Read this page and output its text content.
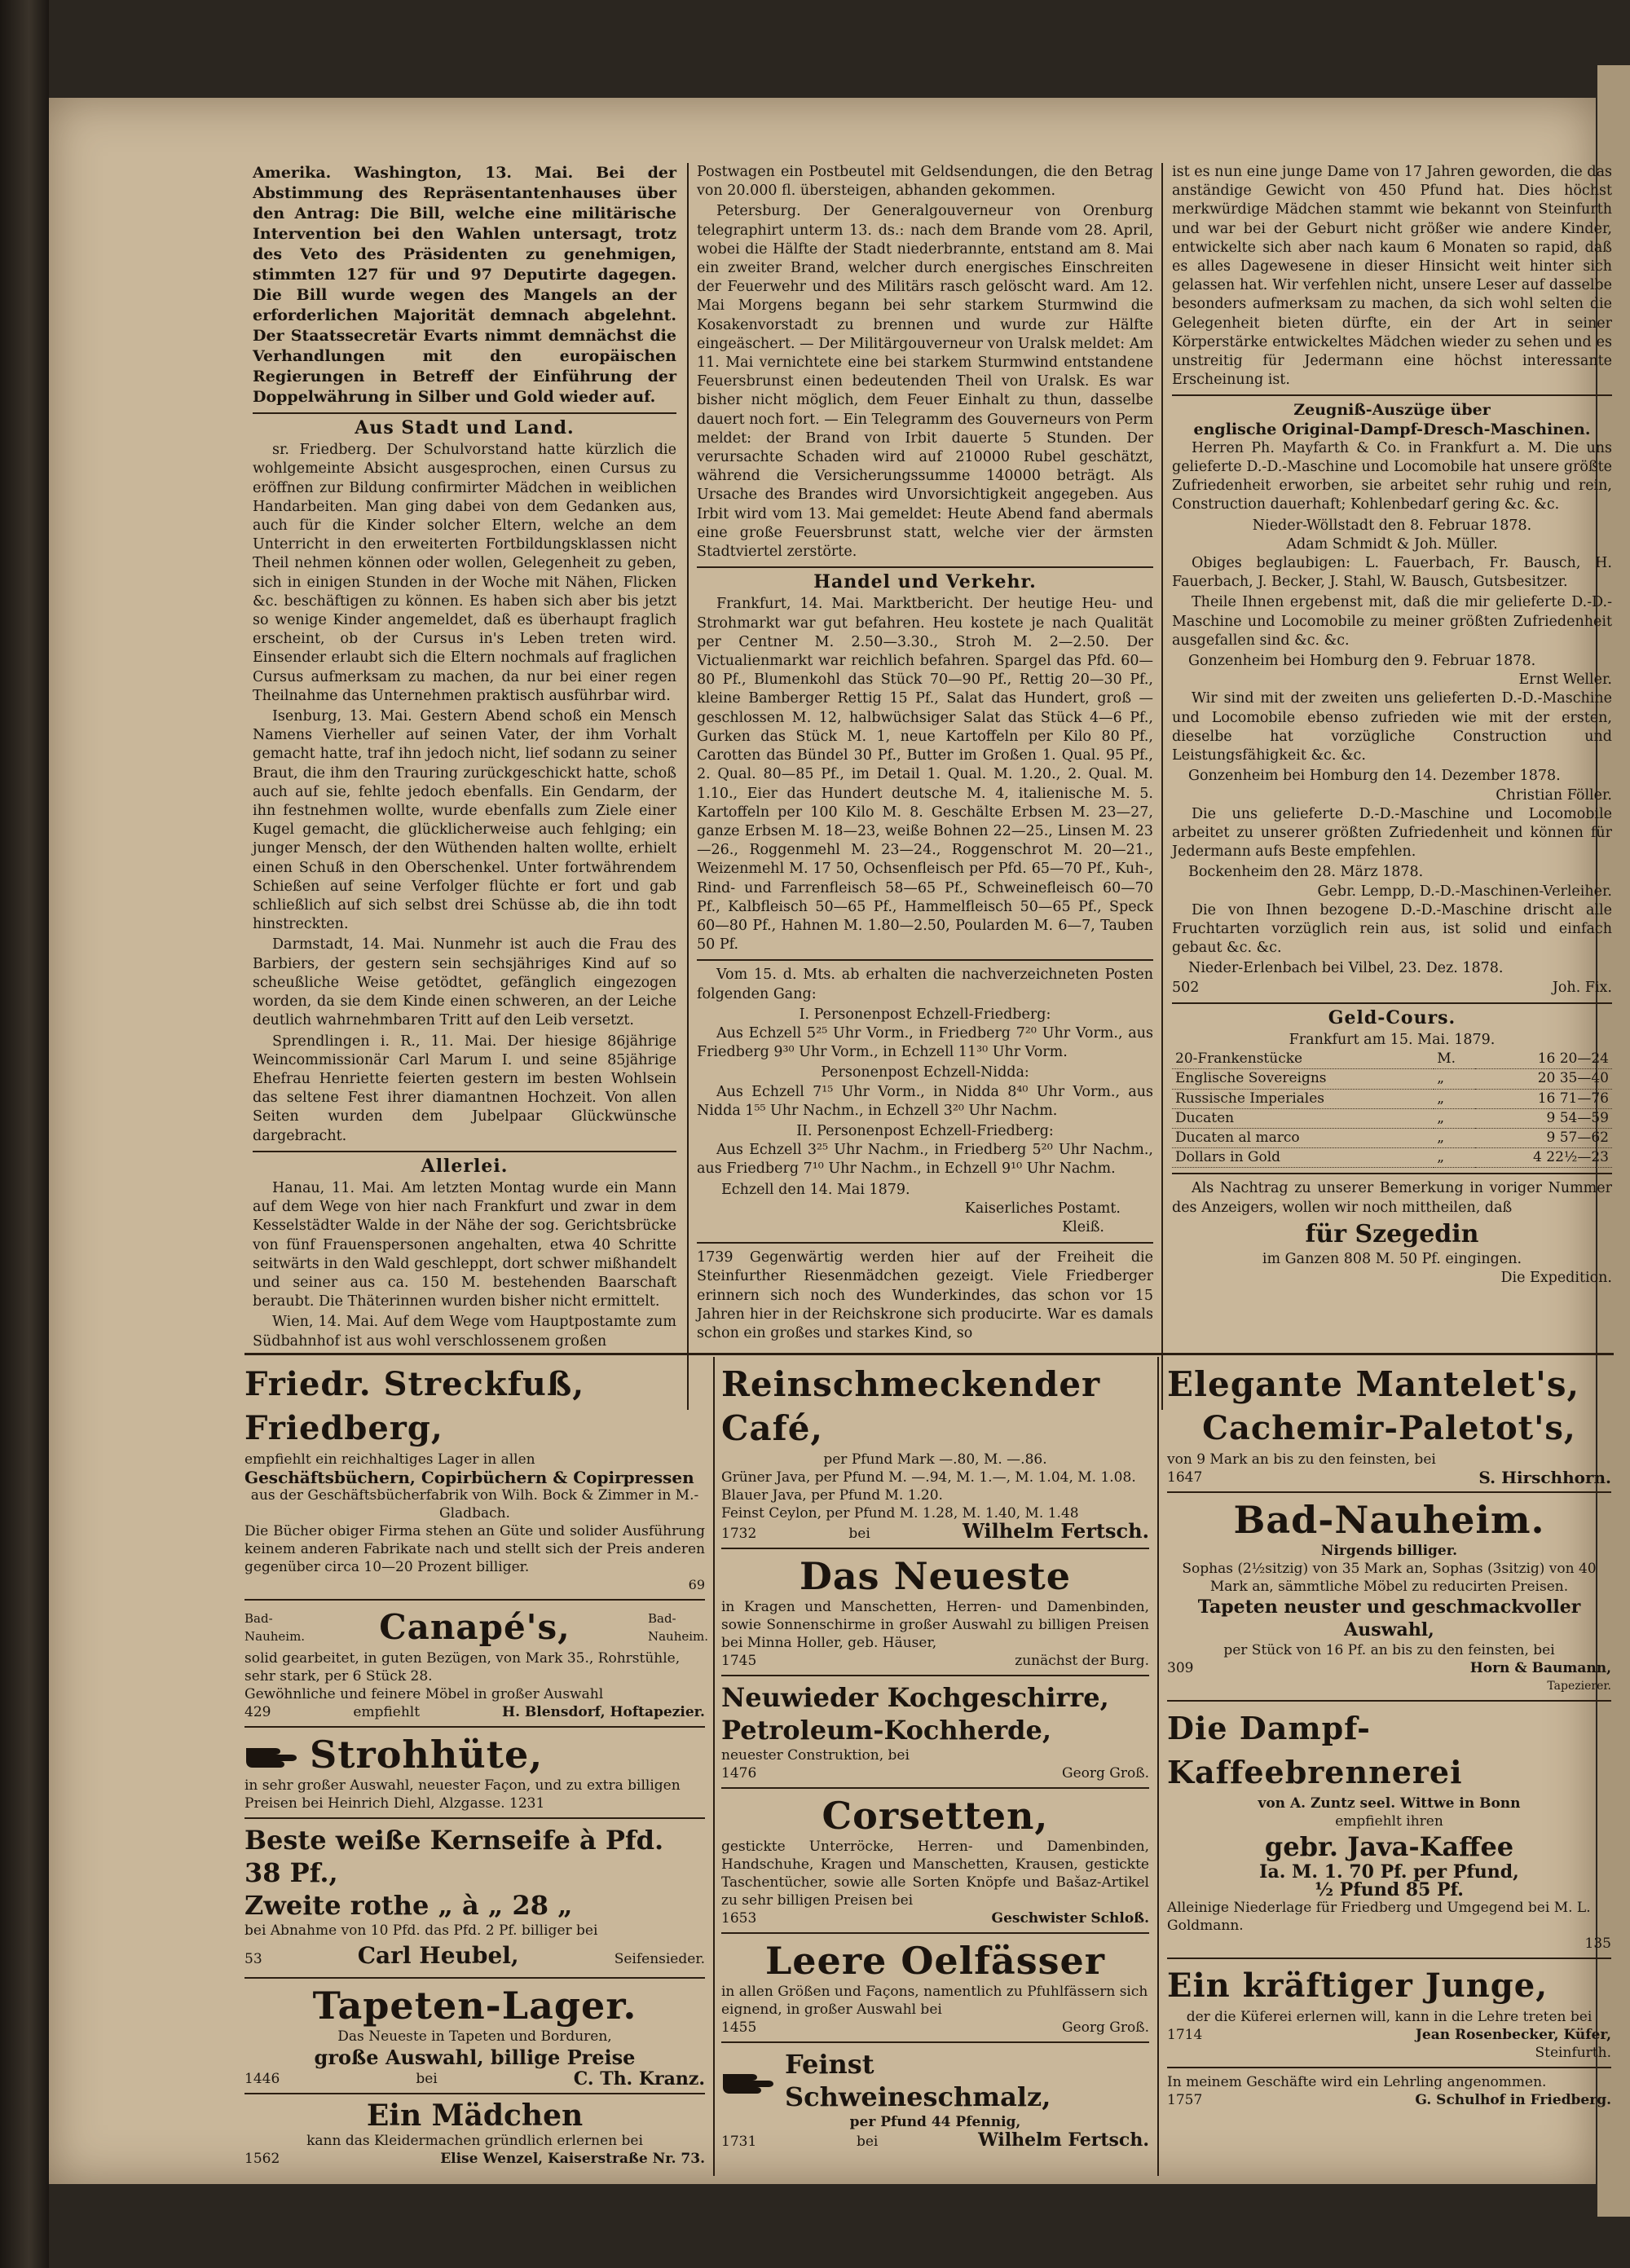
Amerika. Washington, 13. Mai. Bei der Abstimmung des Repräsentantenhauses über den Antrag: Die Bill, welche eine militärische Intervention bei den Wahlen untersagt, trotz des Veto des Präsidenten zu genehmigen, stimmten 127 für und 97 Deputirte dagegen. Die Bill wurde wegen des Mangels an der erforderlichen Majorität demnach abgelehnt. Der Staatssecretär Evarts nimmt demnächst die Verhandlungen mit den europäischen Regierungen in Betreff der Einführung der Doppelwährung in Silber und Gold wieder auf.

Aus Stadt und Land.

sr. Friedberg. Der Schulvorstand hatte kürzlich die wohlgemeinte Absicht ausgesprochen, einen Cursus zu eröffnen zur Bildung confirmirter Mädchen in weiblichen Handarbeiten. Man ging dabei von dem Gedanken aus, auch für die Kinder solcher Eltern, welche an dem Unterricht in den erweiterten Fortbildungsklassen nicht Theil nehmen können oder wollen, Gelegenheit zu geben, sich in einigen Stunden in der Woche mit Nähen, Flicken &c. beschäftigen zu können. Es haben sich aber bis jetzt so wenige Kinder angemeldet, daß es überhaupt fraglich erscheint, ob der Cursus in's Leben treten wird. Einsender erlaubt sich die Eltern nochmals auf fraglichen Cursus aufmerksam zu machen, da nur bei einer regen Theilnahme das Unternehmen praktisch ausführbar wird.

Isenburg, 13. Mai. Gestern Abend schoß ein Mensch Namens Vierheller auf seinen Vater, der ihm Vorhalt gemacht hatte, traf ihn jedoch nicht, lief sodann zu seiner Braut, die ihm den Trauring zurückgeschickt hatte, schoß auch auf sie, fehlte jedoch ebenfalls. Ein Gendarm, der ihn festnehmen wollte, wurde ebenfalls zum Ziele einer Kugel gemacht, die glücklicherweise auch fehlging; ein junger Mensch, der den Wüthenden halten wollte, erhielt einen Schuß in den Oberschenkel. Unter fortwährendem Schießen auf seine Verfolger flüchte er fort und gab schließlich auf sich selbst drei Schüsse ab, die ihn todt hinstreckten.

Darmstadt, 14. Mai. Nunmehr ist auch die Frau des Barbiers, der gestern sein sechsjähriges Kind auf so scheußliche Weise getödtet, gefänglich eingezogen worden, da sie dem Kinde einen schweren, an der Leiche deutlich wahrnehmbaren Tritt auf den Leib versetzt.

Sprendlingen i. R., 11. Mai. Der hiesige 86jährige Weincommissionär Carl Marum I. und seine 85jährige Ehefrau Henriette feierten gestern im besten Wohlsein das seltene Fest ihrer diamantnen Hochzeit. Von allen Seiten wurden dem Jubelpaar Glückwünsche dargebracht.

Allerlei.

Hanau, 11. Mai. Am letzten Montag wurde ein Mann auf dem Wege von hier nach Frankfurt und zwar in dem Kesselstädter Walde in der Nähe der sog. Gerichtsbrücke von fünf Frauenspersonen angehalten, etwa 40 Schritte seitwärts in den Wald geschleppt, dort schwer mißhandelt und seiner aus ca. 150 M. bestehenden Baarschaft beraubt. Die Thäterinnen wurden bisher nicht ermittelt.

Wien, 14. Mai. Auf dem Wege vom Hauptpostamte zum Südbahnhof ist aus wohl verschlossenem großen

Postwagen ein Postbeutel mit Geldsendungen, die den Betrag von 20.000 fl. übersteigen, abhanden gekommen.

Petersburg. Der Generalgouverneur von Orenburg telegraphirt unterm 13. ds.: nach dem Brande vom 28. April, wobei die Hälfte der Stadt niederbrannte, entstand am 8. Mai ein zweiter Brand, welcher durch energisches Einschreiten der Feuerwehr und des Militärs rasch gelöscht ward. Am 12. Mai Morgens begann bei sehr starkem Sturmwind die Kosakenvorstadt zu brennen und wurde zur Hälfte eingeäschert. — Der Militärgouverneur von Uralsk meldet: Am 11. Mai vernichtete eine bei starkem Sturmwind entstandene Feuersbrunst einen bedeutenden Theil von Uralsk. Es war bisher nicht möglich, dem Feuer Einhalt zu thun, dasselbe dauert noch fort. — Ein Telegramm des Gouverneurs von Perm meldet: der Brand von Irbit dauerte 5 Stunden. Der verursachte Schaden wird auf 210000 Rubel geschätzt, während die Versicherungssumme 140000 beträgt. Als Ursache des Brandes wird Unvorsichtigkeit angegeben. Aus Irbit wird vom 13. Mai gemeldet: Heute Abend fand abermals eine große Feuersbrunst statt, welche vier der ärmsten Stadtviertel zerstörte.

Handel und Verkehr.

Frankfurt, 14. Mai. Marktbericht. Der heutige Heu- und Strohmarkt war gut befahren. Heu kostete je nach Qualität per Centner M. 2.50—3.30., Stroh M. 2—2.50. Der Victualienmarkt war reichlich befahren. Spargel das Pfd. 60—80 Pf., Blumenkohl das Stück 70—90 Pf., Rettig 20—30 Pf., kleine Bamberger Rettig 15 Pf., Salat das Hundert, groß — geschlossen M. 12, halbwüchsiger Salat das Stück 4—6 Pf., Gurken das Stück M. 1, neue Kartoffeln per Kilo 80 Pf., Carotten das Bündel 30 Pf., Butter im Großen 1. Qual. 95 Pf., 2. Qual. 80—85 Pf., im Detail 1. Qual. M. 1.20., 2. Qual. M. 1.10., Eier das Hundert deutsche M. 4, italienische M. 5. Kartoffeln per 100 Kilo M. 8. Geschälte Erbsen M. 23—27, ganze Erbsen M. 18—23, weiße Bohnen 22—25., Linsen M. 23—26., Roggenmehl M. 23—24., Roggenschrot M. 20—21., Weizenmehl M. 17 50, Ochsenfleisch per Pfd. 65—70 Pf., Kuh-, Rind- und Farrenfleisch 58—65 Pf., Schweinefleisch 60—70 Pf., Kalbfleisch 50—65 Pf., Hammelfleisch 50—65 Pf., Speck 60—80 Pf., Hahnen M. 1.80—2.50, Poularden M. 6—7, Tauben 50 Pf.

Vom 15. d. Mts. ab erhalten die nachverzeichneten Posten folgenden Gang:

I. Personenpost Echzell-Friedberg:

Aus Echzell 5²⁵ Uhr Vorm., in Friedberg 7²⁰ Uhr Vorm., aus Friedberg 9³⁰ Uhr Vorm., in Echzell 11³⁰ Uhr Vorm.

Personenpost Echzell-Nidda:

Aus Echzell 7¹⁵ Uhr Vorm., in Nidda 8⁴⁰ Uhr Vorm., aus Nidda 1⁵⁵ Uhr Nachm., in Echzell 3²⁰ Uhr Nachm.

II. Personenpost Echzell-Friedberg:

Aus Echzell 3²⁵ Uhr Nachm., in Friedberg 5²⁰ Uhr Nachm., aus Friedberg 7¹⁰ Uhr Nachm., in Echzell 9¹⁰ Uhr Nachm.

Echzell den 14. Mai 1879.
Kaiserliches Postamt.
Kleiß.

1739 Gegenwärtig werden hier auf der Freiheit die Steinfurther Riesenmädchen gezeigt. Viele Friedberger erinnern sich noch des Wunderkindes, das schon vor 15 Jahren hier in der Reichskrone sich producirte. War es damals schon ein großes und starkes Kind, so

ist es nun eine junge Dame von 17 Jahren geworden, die das anständige Gewicht von 450 Pfund hat. Dies höchst merkwürdige Mädchen stammt wie bekannt von Steinfurth und war bei der Geburt nicht größer wie andere Kinder, entwickelte sich aber nach kaum 6 Monaten so rapid, daß es alles Dagewesene in dieser Hinsicht weit hinter sich gelassen hat. Wir verfehlen nicht, unsere Leser auf dasselbe besonders aufmerksam zu machen, da sich wohl selten die Gelegenheit bieten dürfte, ein der Art in seiner Körperstärke entwickeltes Mädchen wieder zu sehen und es unstreitig für Jedermann eine höchst interessante Erscheinung ist.

Zeugniß-Auszüge über
englische Original-Dampf-Dresch-Maschinen.

Herren Ph. Mayfarth & Co. in Frankfurt a. M. Die uns gelieferte D.-D.-Maschine und Locomobile hat unsere größte Zufriedenheit erworben, sie arbeitet sehr ruhig und rein, Construction dauerhaft; Kohlenbedarf gering &c. &c.

Nieder-Wöllstadt den 8. Februar 1878.
Adam Schmidt & Joh. Müller.

Obiges beglaubigen: L. Fauerbach, Fr. Bausch, H. Fauerbach, J. Becker, J. Stahl, W. Bausch, Gutsbesitzer.

Theile Ihnen ergebenst mit, daß die mir gelieferte D.-D.-Maschine und Locomobile zu meiner größten Zufriedenheit ausgefallen sind &c. &c.

Gonzenheim bei Homburg den 9. Februar 1878.
Ernst Weller.

Wir sind mit der zweiten uns gelieferten D.-D.-Maschine und Locomobile ebenso zufrieden wie mit der ersten, dieselbe hat vorzügliche Construction und Leistungsfähigkeit &c. &c.

Gonzenheim bei Homburg den 14. Dezember 1878.
Christian Föller.

Die uns gelieferte D.-D.-Maschine und Locomobile arbeitet zu unserer größten Zufriedenheit und können für Jedermann aufs Beste empfehlen.

Bockenheim den 28. März 1878.
Gebr. Lempp, D.-D.-Maschinen-Verleiher.

Die von Ihnen bezogene D.-D.-Maschine drischt alle Fruchtarten vorzüglich rein aus, ist solid und einfach gebaut &c. &c.

Nieder-Erlenbach bei Vilbel, 23. Dez. 1878.
502	Joh. Fix.
Geld-Cours.
Frankfurt am 15. Mai. 1879.
20-Frankenstücke	M.	16 20—24
Englische Sovereigns	„	20 35—40
Russische Imperiales	„	16 71—76
Ducaten	„	9 54—59
Ducaten al marco	„	9 57—62
Dollars in Gold	„	4 22½—23

Als Nachtrag zu unserer Bemerkung in voriger Nummer des Anzeigers, wollen wir noch mittheilen, daß

für Szegedin
im Ganzen 808 M. 50 Pf. eingingen.
Die Expedition.
Friedr. Streckfuß, Friedberg,
empfiehlt ein reichhaltiges Lager in allen
Geschäftsbüchern, Copirbüchern & Copirpressen
aus der Geschäftsbücherfabrik von Wilh. Bock & Zimmer in M.-Gladbach.
Die Bücher obiger Firma stehen an Güte und solider Ausführung keinem anderen Fabrikate nach und stellt sich der Preis anderen gegenüber circa 10—20 Prozent billiger.
69
Bad-Nauheim. Canapé's,	Bad-Nauheim.
solid gearbeitet, in guten Bezügen, von Mark 35., Rohrstühle, sehr stark, per 6 Stück 28.
Gewöhnliche und feinere Möbel in großer Auswahl
429	empfiehlt	H. Blensdorf, Hoftapezier.
Strohhüte,
in sehr großer Auswahl, neuester Façon, und zu extra billigen Preisen bei Heinrich Diehl, Alzgasse. 1231
Beste weiße Kernseife à Pfd. 38 Pf.,
Zweite rothe „ à „ 28 „
bei Abnahme von 10 Pfd. das Pfd. 2 Pf. billiger bei
53	Carl Heubel,	Seifensieder.
Tapeten-Lager.
Das Neueste in Tapeten und Borduren,
große Auswahl, billige Preise
1446	bei	C. Th. Kranz.
Ein Mädchen
kann das Kleidermachen gründlich erlernen bei
1562	Elise Wenzel, Kaiserstraße Nr. 73.
Reinschmeckender Café,
per Pfund Mark —.80, M. —.86.
Grüner Java, per Pfund M. —.94, M. 1.—, M. 1.04, M. 1.08.
Blauer Java, per Pfund M. 1.20.
Feinst Ceylon, per Pfund M. 1.28, M. 1.40, M. 1.48
1732	bei	Wilhelm Fertsch.
Das Neueste
in Kragen und Manschetten, Herren- und Damenbinden, sowie Sonnenschirme in großer Auswahl zu billigen Preisen bei Minna Holler, geb. Häuser,
1745	zunächst der Burg.
Neuwieder Kochgeschirre,
Petroleum-Kochherde,
neuester Construktion, bei
1476	Georg Groß.
Corsetten,
gestickte Unterröcke, Herren- und Damenbinden, Handschuhe, Kragen und Manschetten, Krausen, gestickte Taschentücher, sowie alle Sorten Knöpfe und Bašaz-Artikel zu sehr billigen Preisen bei
1653	Geschwister Schloß.
Leere Oelfässer
in allen Größen und Façons, namentlich zu Pfuhlfässern sich eignend, in großer Auswahl bei
1455	Georg Groß.
Feinst Schweineschmalz,
per Pfund 44 Pfennig,
1731	bei	Wilhelm Fertsch.
Elegante Mantelet's,
Cachemir-Paletot's,
von 9 Mark an bis zu den feinsten, bei
1647	S. Hirschhorn.
Bad-Nauheim.
Nirgends billiger.
Sophas (2½sitzig) von 35 Mark an, Sophas (3sitzig) von 40 Mark an, sämmtliche Möbel zu reducirten Preisen.
Tapeten neuster und geschmackvoller Auswahl,
per Stück von 16 Pf. an bis zu den feinsten, bei
309	Horn & Baumann,
Tapezierer.
Die Dampf-Kaffeebrennerei
von A. Zuntz seel. Wittwe in Bonn
empfiehlt ihren
gebr. Java-Kaffee
Ia. M. 1. 70 Pf. per Pfund,
½ Pfund 85 Pf.
Alleinige Niederlage für Friedberg und Umgegend bei M. L. Goldmann.
135
Ein kräftiger Junge,
der die Küferei erlernen will, kann in die Lehre treten bei
1714	Jean Rosenbecker, Küfer,
Steinfurth.
In meinem Geschäfte wird ein Lehrling angenommen.
1757	G. Schulhof in Friedberg.
